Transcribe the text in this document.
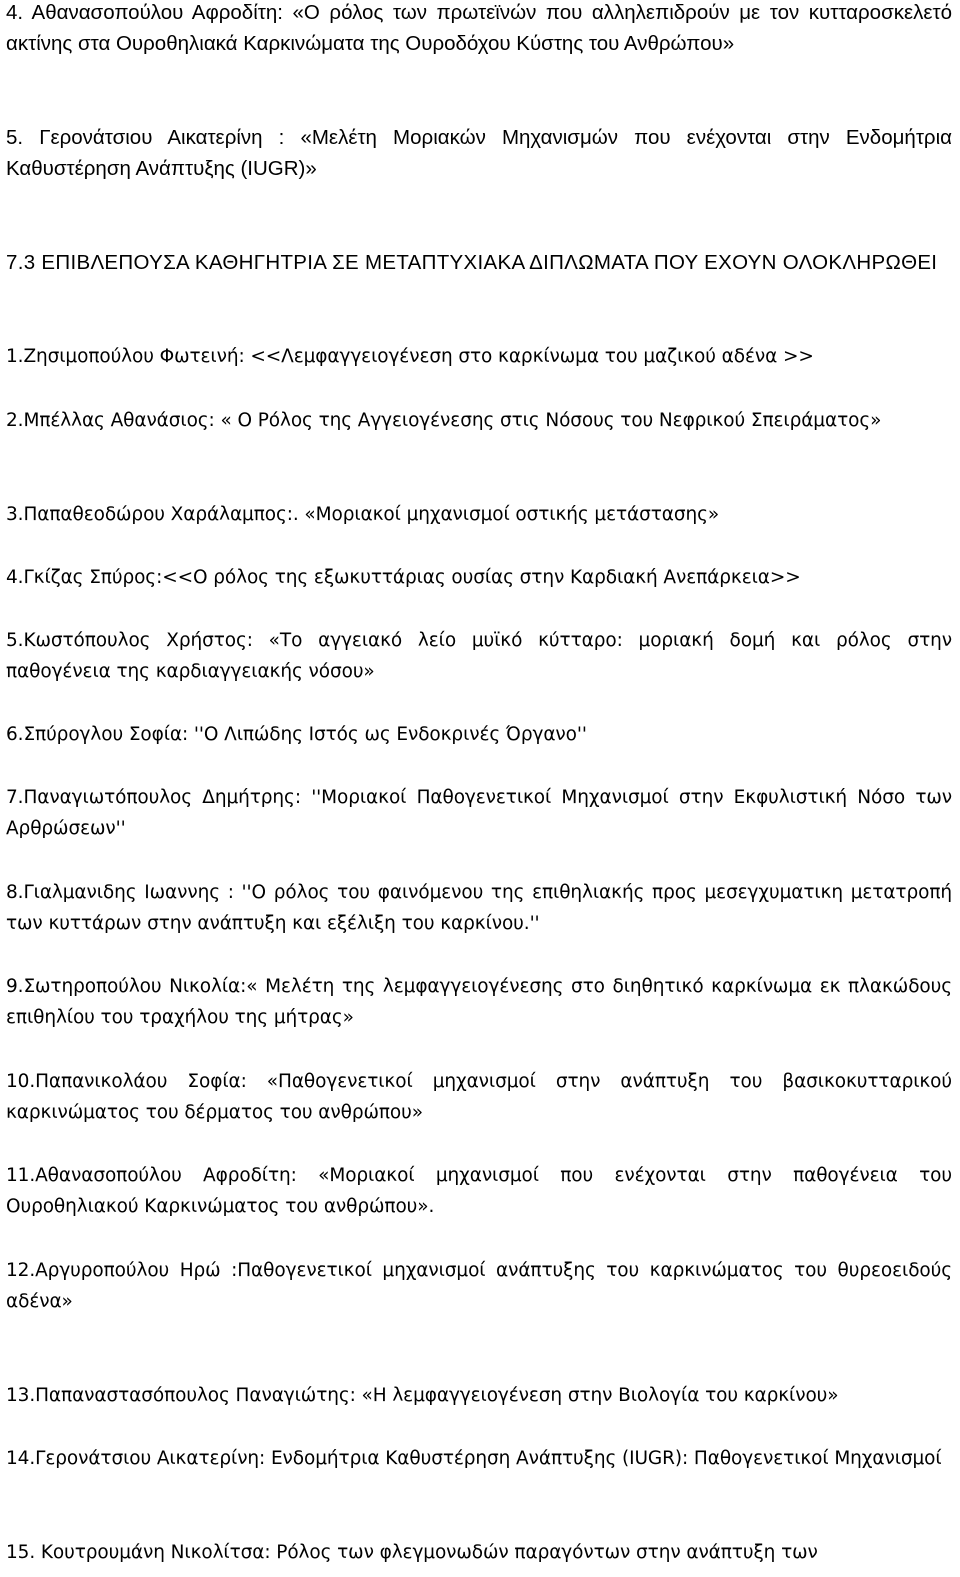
4. Αθανασοπούλου Αφροδίτη: «Ο ρόλος των πρωτεϊνών που αλληλεπιδρούν με τον κυτταροσκελετό ακτίνης στα Ουροθηλιακά Καρκινώματα της Ουροδόχου Κύστης του Ανθρώπου»

5. Γερονάτσιου Αικατερίνη : «Μελέτη Μοριακών Μηχανισμών που ενέχονται στην Ενδομήτρια Καθυστέρηση Ανάπτυξης (IUGR)»

7.3 ΕΠΙΒΛΕΠΟΥΣΑ ΚΑΘΗΓΗΤΡΙΑ ΣΕ ΜΕΤΑΠΤΥΧΙΑΚΑ ΔΙΠΛΩΜΑΤΑ ΠΟΥ ΕΧΟΥΝ ΟΛΟΚΛΗΡΩΘΕΙ

1.Ζησιμοπούλου Φωτεινή: <<Λεμφαγγειογένεση στο καρκίνωμα του μαζικού αδένα >>

2.Μπέλλας Αθανάσιος: « Ο Ρόλος της Αγγειογένεσης στις Νόσους του Νεφρικού Σπειράματος»

3.Παπαθεοδώρου Χαράλαμπος:. «Μοριακοί μηχανισμοί οστικής μετάστασης»

4.Γκίζας Σπύρος:<<Ο ρόλος της εξωκυττάριας ουσίας στην Καρδιακή Ανεπάρκεια>>

5.Κωστόπουλος Χρήστος: «Το αγγειακό λείο μυϊκό κύτταρο: μοριακή δομή και ρόλος στην παθογένεια της καρδιαγγειακής νόσου»

6.Σπύρογλου Σοφία: ''Ο Λιπώδης Ιστός ως Ενδοκρινές Όργανο''

7.Παναγιωτόπουλος Δημήτρης: ''Μοριακοί Παθογενετικοί Μηχανισμοί στην Εκφυλιστική Νόσο των Αρθρώσεων''

8.Γιαλμανιδης Ιωαννης : ''Ο ρόλος του φαινόμενου της επιθηλιακής προς μεσεγχυματικη μετατροπή των κυττάρων στην ανάπτυξη και εξέλιξη του καρκίνου.''

9.Σωτηροπούλου Νικολία:« Μελέτη της λεμφαγγειογένεσης στο διηθητικό καρκίνωμα εκ πλακώδους επιθηλίου του τραχήλου της μήτρας»

10.Παπανικολάου Σοφία: «Παθογενετικοί μηχανισμοί στην ανάπτυξη του βασικοκυτταρικού καρκινώματος του δέρματος του ανθρώπου»

11.Αθανασοπούλου Αφροδίτη: «Μοριακοί μηχανισμοί που ενέχονται στην παθογένεια του Ουροθηλιακού Καρκινώματος του ανθρώπου».

12.Αργυροπούλου Ηρώ :Παθογενετικοί μηχανισμοί ανάπτυξης του καρκινώματος του θυρεοειδούς αδένα»

13.Παπαναστασόπουλος Παναγιώτης: «Η λεμφαγγειογένεση στην Βιολογία του καρκίνου»

14.Γερονάτσιου Αικατερίνη: Ενδομήτρια Καθυστέρηση Ανάπτυξης (IUGR): Παθογενετικοί Μηχανισμοί

15. Κουτρουμάνη Νικολίτσα: Ρόλος των φλεγμονωδών παραγόντων στην ανάπτυξη των
